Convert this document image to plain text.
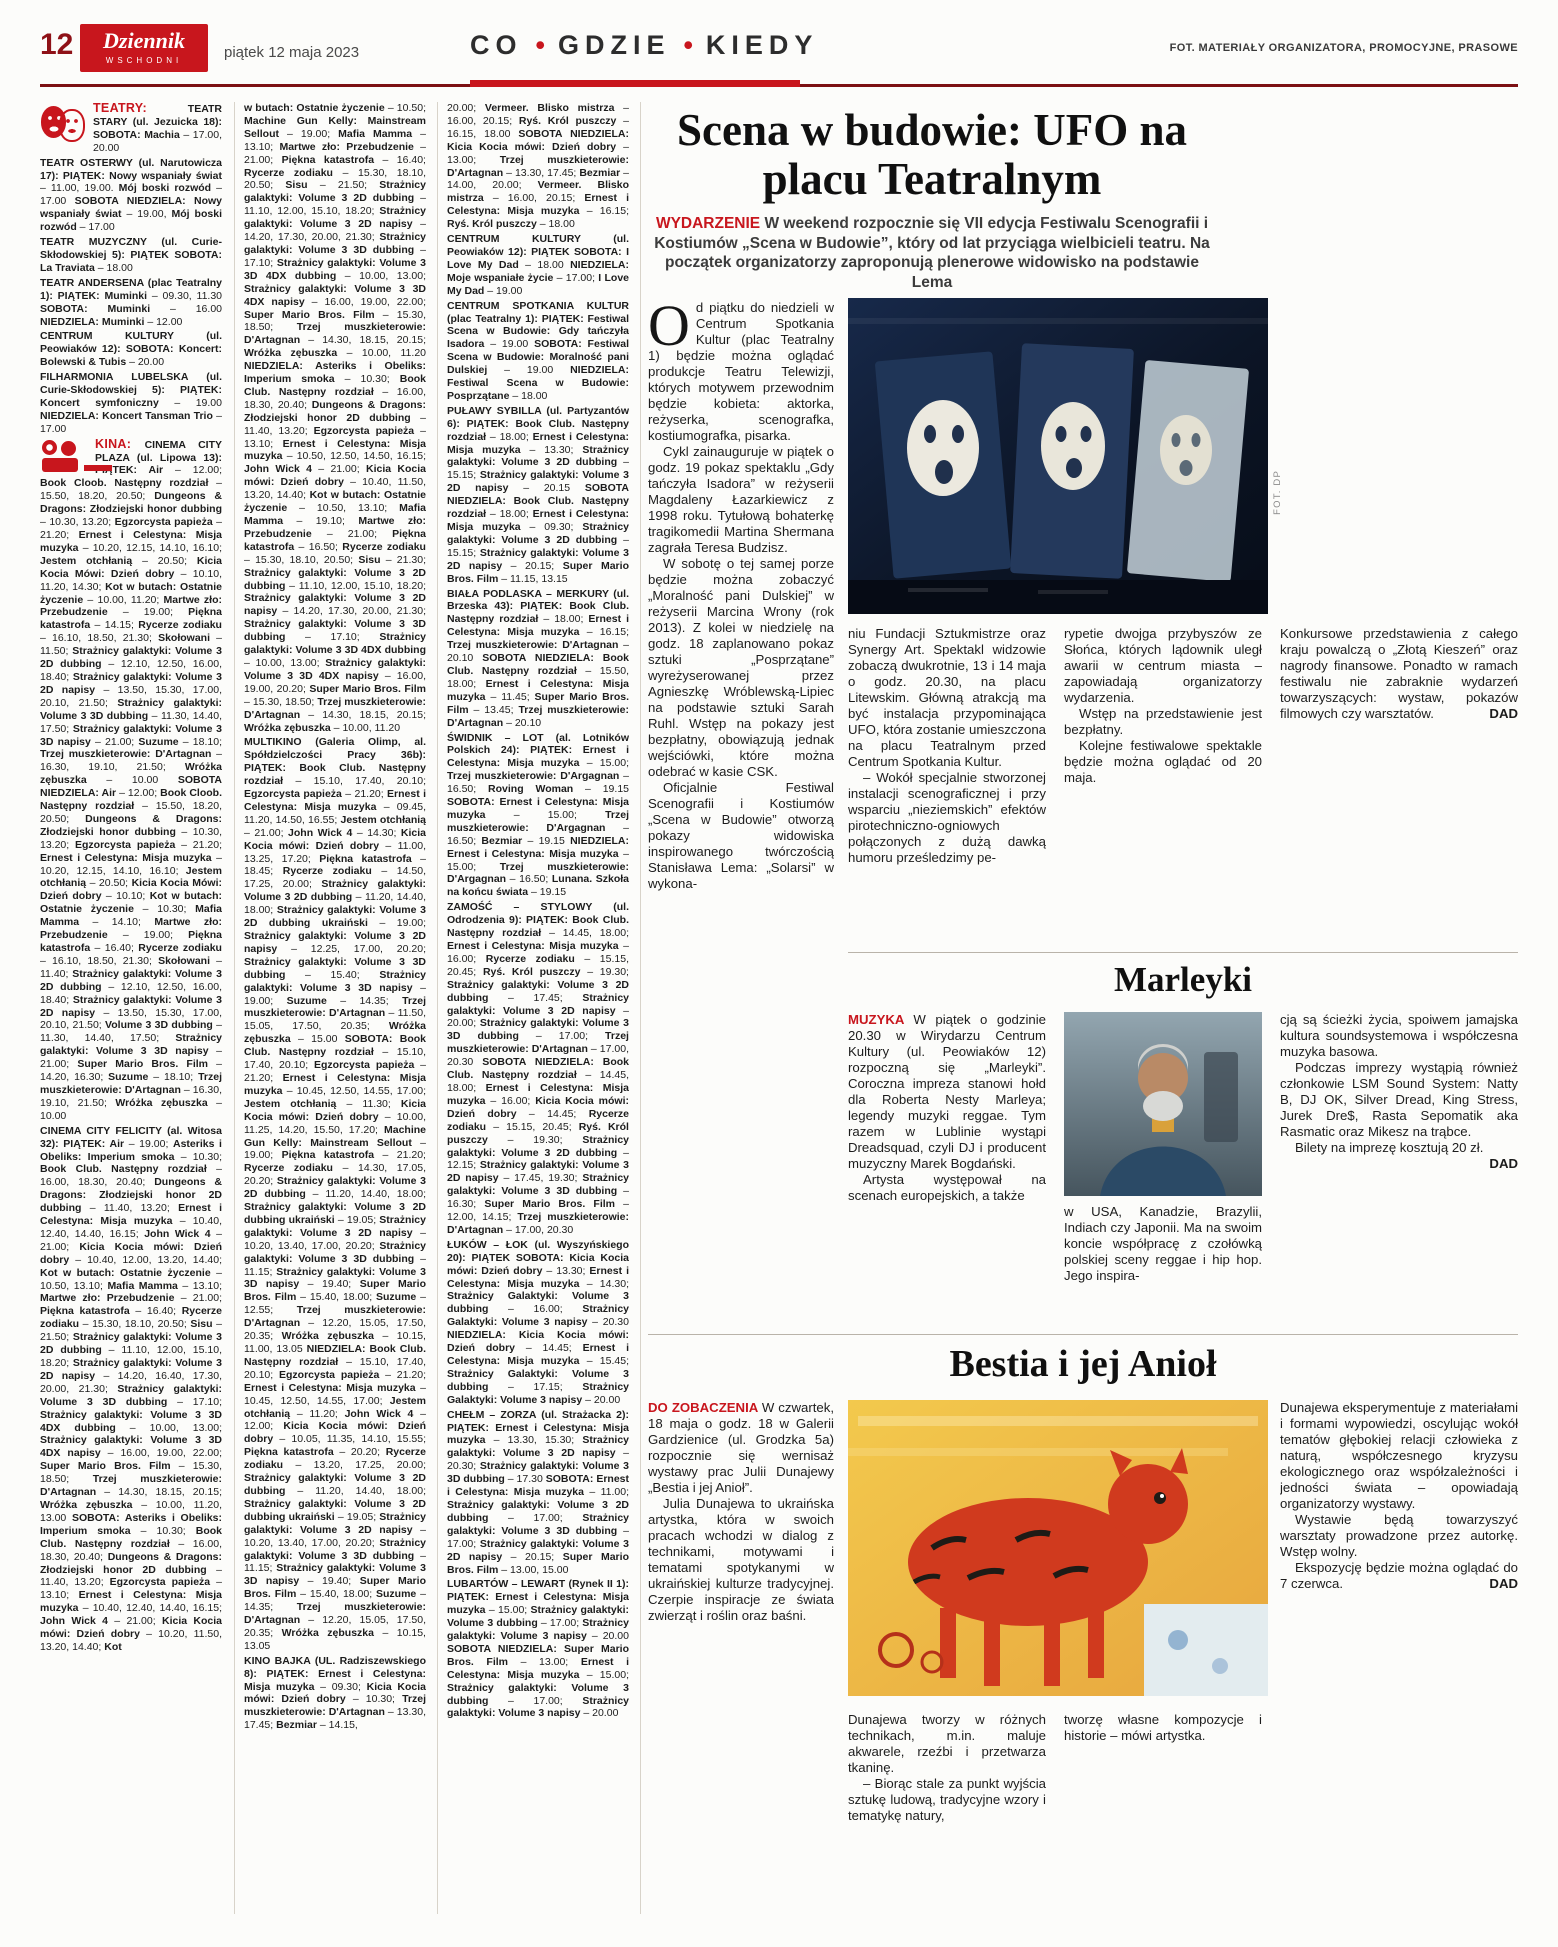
12	Dziennik
WSCHODNI	piątek 12 maja 2023	CO • GDZIE • KIEDY	FOT. MATERIAŁY ORGANIZATORA, PROMOCYJNE, PRASOWE

TEATRY: TEATR STARY (ul. Jezuicka 18): SOBOTA: Machia – 17.00, 20.00

TEATR OSTERWY (ul. Narutowicza 17): PIĄTEK: Nowy wspaniały świat – 11.00, 19.00. Mój boski rozwód – 17.00 SOBOTA NIEDZIELA: Nowy wspaniały świat – 19.00, Mój boski rozwód – 17.00

TEATR MUZYCZNY (ul. Curie-Skłodowskiej 5): PIĄTEK SOBOTA: La Traviata – 18.00

TEATR ANDERSENA (plac Teatralny 1): PIĄTEK: Muminki – 09.30, 11.30 SOBOTA: Muminki – 16.00 NIEDZIELA: Muminki – 12.00

CENTRUM KULTURY (ul. Peowiaków 12): SOBOTA: Koncert: Bolewski & Tubis – 20.00

FILHARMONIA LUBELSKA (ul. Curie-Skłodowskiej 5): PIĄTEK: Koncert symfoniczny – 19.00 NIEDZIELA: Koncert Tansman Trio – 17.00

KINA: CINEMA CITY PLAZA (ul. Lipowa 13): PIĄTEK: Air – 12.00; Book Cloob. Następny rozdział – 15.50, 18.20, 20.50; Dungeons & Dragons: Złodziejski honor dubbing – 10.30, 13.20; Egzorcysta papieża – 21.20; Ernest i Celestyna: Misja muzyka – 10.20, 12.15, 14.10, 16.10; Jestem otchłanią – 20.50; Kicia Kocia Mówi: Dzień dobry – 10.10, 11.20, 14.30; Kot w butach: Ostatnie życzenie – 10.00, 11.20; Martwe zło: Przebudzenie – 19.00; Piękna katastrofa – 14.15; Rycerze zodiaku – 16.10, 18.50, 21.30; Skołowani – 11.50; Strażnicy galaktyki: Volume 3 2D dubbing – 12.10, 12.50, 16.00, 18.40; Strażnicy galaktyki: Volume 3 2D napisy – 13.50, 15.30, 17.00, 20.10, 21.50; Strażnicy galaktyki: Volume 3 3D dubbing – 11.30, 14.40, 17.50; Strażnicy galaktyki: Volume 3 3D napisy – 21.00; Suzume – 18.10; Trzej muszkieterowie: D'Artagnan – 16.30, 19.10, 21.50; Wróżka zębuszka – 10.00 SOBOTA NIEDZIELA: Air – 12.00; Book Cloob. Następny rozdział – 15.50, 18.20, 20.50; Dungeons & Dragons: Złodziejski honor dubbing – 10.30, 13.20; Egzorcysta papieża – 21.20; Ernest i Celestyna: Misja muzyka – 10.20, 12.15, 14.10, 16.10; Jestem otchłanią – 20.50; Kicia Kocia Mówi: Dzień dobry – 10.10; Kot w butach: Ostatnie życzenie – 10.30; Mafia Mamma – 14.10; Martwe zło: Przebudzenie – 19.00; Piękna katastrofa – 16.40; Rycerze zodiaku – 16.10, 18.50, 21.30; Skołowani – 11.40; Strażnicy galaktyki: Volume 3 2D dubbing – 12.10, 12.50, 16.00, 18.40; Strażnicy galaktyki: Volume 3 2D napisy – 13.50, 15.30, 17.00, 20.10, 21.50; Volume 3 3D dubbing – 11.30, 14.40, 17.50; Strażnicy galaktyki: Volume 3 3D napisy – 21.00; Super Mario Bros. Film – 14.20, 16.30; Suzume – 18.10; Trzej muszkieterowie: D'Artagnan – 16.30, 19.10, 21.50; Wróżka zębuszka – 10.00

CINEMA CITY FELICITY (al. Witosa 32): PIĄTEK: Air – 19.00; Asteriks i Obeliks: Imperium smoka – 10.30; Book Club. Następny rozdział – 16.00, 18.30, 20.40; Dungeons & Dragons: Złodziejski honor 2D dubbing – 11.40, 13.20; Ernest i Celestyna: Misja muzyka – 10.40, 12.40, 14.40, 16.15; John Wick 4 – 21.00; Kicia Kocia mówi: Dzień dobry – 10.40, 12.00, 13.20, 14.40; Kot w butach: Ostatnie życzenie – 10.50, 13.10; Mafia Mamma – 13.10; Martwe zło: Przebudzenie – 21.00; Piękna katastrofa – 16.40; Rycerze zodiaku – 15.30, 18.10, 20.50; Sisu – 21.50; Strażnicy galaktyki: Volume 3 2D dubbing – 11.10, 12.00, 15.10, 18.20; Strażnicy galaktyki: Volume 3 2D napisy – 14.20, 16.40, 17.30, 20.00, 21.30; Strażnicy galaktyki: Volume 3 3D dubbing – 17.10; Strażnicy galaktyki: Volume 3 3D 4DX dubbing – 10.00, 13.00; Strażnicy galaktyki: Volume 3 3D 4DX napisy – 16.00, 19.00, 22.00; Super Mario Bros. Film – 15.30, 18.50; Trzej muszkieterowie: D'Artagnan – 14.30, 18.15, 20.15; Wróżka zębuszka – 10.00, 11.20, 13.00 SOBOTA: Asteriks i Obeliks: Imperium smoka – 10.30; Book Club. Następny rozdział – 16.00, 18.30, 20.40; Dungeons & Dragons: Złodziejski honor 2D dubbing – 11.40, 13.20; Egzorcysta papieża – 13.10; Ernest i Celestyna: Misja muzyka – 10.40, 12.40, 14.40, 16.15; John Wick 4 – 21.00; Kicia Kocia mówi: Dzień dobry – 10.20, 11.50, 13.20, 14.40; Kot

w butach: Ostatnie życzenie – 10.50; Machine Gun Kelly: Mainstream Sellout – 19.00; Mafia Mamma – 13.10; Martwe zło: Przebudzenie – 21.00; Piękna katastrofa – 16.40; Rycerze zodiaku – 15.30, 18.10, 20.50; Sisu – 21.50; Strażnicy galaktyki: Volume 3 2D dubbing – 11.10, 12.00, 15.10, 18.20; Strażnicy galaktyki: Volume 3 2D napisy – 14.20, 17.30, 20.00, 21.30; Strażnicy galaktyki: Volume 3 3D dubbing – 17.10; Strażnicy galaktyki: Volume 3 3D 4DX dubbing – 10.00, 13.00; Strażnicy galaktyki: Volume 3 3D 4DX napisy – 16.00, 19.00, 22.00; Super Mario Bros. Film – 15.30, 18.50; Trzej muszkieterowie: D'Artagnan – 14.30, 18.15, 20.15; Wróżka zębuszka – 10.00, 11.20 NIEDZIELA: Asteriks i Obeliks: Imperium smoka – 10.30; Book Club. Następny rozdział – 16.00, 18.30, 20.40; Dungeons & Dragons: Złodziejski honor 2D dubbing – 11.40, 13.20; Egzorcysta papieża – 13.10; Ernest i Celestyna: Misja muzyka – 10.50, 12.50, 14.50, 16.15; John Wick 4 – 21.00; Kicia Kocia mówi: Dzień dobry – 10.40, 11.50, 13.20, 14.40; Kot w butach: Ostatnie życzenie – 10.50, 13.10; Mafia Mamma – 19.10; Martwe zło: Przebudzenie – 21.00; Piękna katastrofa – 16.50; Rycerze zodiaku – 15.30, 18.10, 20.50; Sisu – 21.30; Strażnicy galaktyki: Volume 3 2D dubbing – 11.10, 12.00, 15.10, 18.20; Strażnicy galaktyki: Volume 3 2D napisy – 14.20, 17.30, 20.00, 21.30; Strażnicy galaktyki: Volume 3 3D dubbing – 17.10; Strażnicy galaktyki: Volume 3 3D 4DX dubbing – 10.00, 13.00; Strażnicy galaktyki: Volume 3 3D 4DX napisy – 16.00, 19.00, 20.20; Super Mario Bros. Film – 15.30, 18.50; Trzej muszkieterowie: D'Artagnan – 14.30, 18.15, 20.15; Wróżka zębuszka – 10.00, 11.20

MULTIKINO (Galeria Olimp, al. Spółdzielczości Pracy 36b): PIĄTEK: Book Club. Następny rozdział – 15.10, 17.40, 20.10; Egzorcysta papieża – 21.20; Ernest i Celestyna: Misja muzyka – 09.45, 11.20, 14.50, 16.55; Jestem otchłanią – 21.00; John Wick 4 – 14.30; Kicia Kocia mówi: Dzień dobry – 11.00, 13.25, 17.20; Piękna katastrofa – 18.45; Rycerze zodiaku – 14.50, 17.25, 20.00; Strażnicy galaktyki: Volume 3 2D dubbing – 11.20, 14.40, 18.00; Strażnicy galaktyki: Volume 3 2D dubbing ukraiński – 19.00; Strażnicy galaktyki: Volume 3 2D napisy – 12.25, 17.00, 20.20; Strażnicy galaktyki: Volume 3 3D dubbing – 15.40; Strażnicy galaktyki: Volume 3 3D napisy – 19.00; Suzume – 14.35; Trzej muszkieterowie: D'Artagnan – 11.50, 15.05, 17.50, 20.35; Wróżka zębuszka – 15.00 SOBOTA: Book Club. Następny rozdział – 15.10, 17.40, 20.10; Egzorcysta papieża – 21.20; Ernest i Celestyna: Misja muzyka – 10.45, 12.50, 14.55, 17.00; Jestem otchłanią – 11.30; Kicia Kocia mówi: Dzień dobry – 10.00, 11.25, 14.20, 15.50, 17.20; Machine Gun Kelly: Mainstream Sellout – 19.00; Piękna katastrofa – 21.20; Rycerze zodiaku – 14.30, 17.05, 20.20; Strażnicy galaktyki: Volume 3 2D dubbing – 11.20, 14.40, 18.00; Strażnicy galaktyki: Volume 3 2D dubbing ukraiński – 19.05; Strażnicy galaktyki: Volume 3 2D napisy – 10.20, 13.40, 17.00, 20.20; Strażnicy galaktyki: Volume 3 3D dubbing – 11.15; Strażnicy galaktyki: Volume 3 3D napisy – 19.40; Super Mario Bros. Film – 15.40, 18.00; Suzume – 12.55; Trzej muszkieterowie: D'Artagnan – 12.20, 15.05, 17.50, 20.35; Wróżka zębuszka – 10.15, 11.00, 13.05 NIEDZIELA: Book Club. Następny rozdział – 15.10, 17.40, 20.10; Egzorcysta papieża – 21.20; Ernest i Celestyna: Misja muzyka – 10.45, 12.50, 14.55, 17.00; Jestem otchłanią – 11.20; John Wick 4 – 12.00; Kicia Kocia mówi: Dzień dobry – 10.05, 11.35, 14.10, 15.55; Piękna katastrofa – 20.20; Rycerze zodiaku – 13.20, 17.25, 20.00; Strażnicy galaktyki: Volume 3 2D dubbing – 11.20, 14.40, 18.00; Strażnicy galaktyki: Volume 3 2D dubbing ukraiński – 19.05; Strażnicy galaktyki: Volume 3 2D napisy – 10.20, 13.40, 17.00, 20.20; Strażnicy galaktyki: Volume 3 3D dubbing – 11.15; Strażnicy galaktyki: Volume 3 3D napisy – 19.40; Super Mario Bros. Film – 15.40, 18.00; Suzume – 14.35; Trzej muszkieterowie: D'Artagnan – 12.20, 15.05, 17.50, 20.35; Wróżka zębuszka – 10.15, 13.05

KINO BAJKA (UL. Radziszewskiego 8): PIĄTEK: Ernest i Celestyna: Misja muzyka – 09.30; Kicia Kocia mówi: Dzień dobry – 10.30; Trzej muszkieterowie: D'Artagnan – 13.30, 17.45; Bezmiar – 14.15,

20.00; Vermeer. Blisko mistrza – 16.00, 20.15; Ryś. Król puszczy – 16.15, 18.00 SOBOTA NIEDZIELA: Kicia Kocia mówi: Dzień dobry – 13.00; Trzej muszkieterowie: D'Artagnan – 13.30, 17.45; Bezmiar – 14.00, 20.00; Vermeer. Blisko mistrza – 16.00, 20.15; Ernest i Celestyna: Misja muzyka – 16.15; Ryś. Król puszczy – 18.00

CENTRUM KULTURY (ul. Peowiaków 12): PIĄTEK SOBOTA: I Love My Dad – 18.00 NIEDZIELA: Moje wspaniałe życie – 17.00; I Love My Dad – 19.00

CENTRUM SPOTKANIA KULTUR (plac Teatralny 1): PIĄTEK: Festiwal Scena w Budowie: Gdy tańczyła Isadora – 19.00 SOBOTA: Festiwal Scena w Budowie: Moralność pani Dulskiej – 19.00 NIEDZIELA: Festiwal Scena w Budowie: Posprzątane – 18.00

PUŁAWY SYBILLA (ul. Partyzantów 6): PIĄTEK: Book Club. Następny rozdział – 18.00; Ernest i Celestyna: Misja muzyka – 13.30; Strażnicy galaktyki: Volume 3 2D dubbing – 15.15; Strażnicy galaktyki: Volume 3 2D napisy – 20.15 SOBOTA NIEDZIELA: Book Club. Następny rozdział – 18.00; Ernest i Celestyna: Misja muzyka – 09.30; Strażnicy galaktyki: Volume 3 2D dubbing – 15.15; Strażnicy galaktyki: Volume 3 2D napisy – 20.15; Super Mario Bros. Film – 11.15, 13.15

BIAŁA PODLASKA – MERKURY (ul. Brzeska 43): PIĄTEK: Book Club. Następny rozdział – 18.00; Ernest i Celestyna: Misja muzyka – 16.15; Trzej muszkieterowie: D'Artagnan – 20.10 SOBOTA NIEDZIELA: Book Club. Następny rozdział – 15.50, 18.00; Ernest i Celestyna: Misja muzyka – 11.45; Super Mario Bros. Film – 13.45; Trzej muszkieterowie: D'Artagnan – 20.10

ŚWIDNIK – LOT (al. Lotników Polskich 24): PIĄTEK: Ernest i Celestyna: Misja muzyka – 15.00; Trzej muszkieterowie: D'Argagnan – 16.50; Roving Woman – 19.15 SOBOTA: Ernest i Celestyna: Misja muzyka – 15.00; Trzej muszkieterowie: D'Argagnan – 16.50; Bezmiar – 19.15 NIEDZIELA: Ernest i Celestyna: Misja muzyka – 15.00; Trzej muszkieterowie: D'Argagnan – 16.50; Lunana. Szkoła na końcu świata – 19.15

ZAMOŚĆ – STYLOWY (ul. Odrodzenia 9): PIĄTEK: Book Club. Następny rozdział – 14.45, 18.00; Ernest i Celestyna: Misja muzyka – 16.00; Rycerze zodiaku – 15.15, 20.45; Ryś. Król puszczy – 19.30; Strażnicy galaktyki: Volume 3 2D dubbing – 17.45; Strażnicy galaktyki: Volume 3 2D napisy – 20.00; Strażnicy galaktyki: Volume 3 3D dubbing – 17.00; Trzej muszkieterowie: D'Artagnan – 17.00, 20.30 SOBOTA NIEDZIELA: Book Club. Następny rozdział – 14.45, 18.00; Ernest i Celestyna: Misja muzyka – 16.00; Kicia Kocia mówi: Dzień dobry – 14.45; Rycerze zodiaku – 15.15, 20.45; Ryś. Król puszczy – 19.30; Strażnicy galaktyki: Volume 3 2D dubbing – 12.15; Strażnicy galaktyki: Volume 3 2D napisy – 17.45, 19.30; Strażnicy galaktyki: Volume 3 3D dubbing – 16.30; Super Mario Bros. Film – 12.00, 14.15; Trzej muszkieterowie: D'Artagnan – 17.00, 20.30

ŁUKÓW – ŁOK (ul. Wyszyńskiego 20): PIĄTEK SOBOTA: Kicia Kocia mówi: Dzień dobry – 13.30; Ernest i Celestyna: Misja muzyka – 14.30; Strażnicy Galaktyki: Volume 3 dubbing – 16.00; Strażnicy Galaktyki: Volume 3 napisy – 20.30 NIEDZIELA: Kicia Kocia mówi: Dzień dobry – 14.45; Ernest i Celestyna: Misja muzyka – 15.45; Strażnicy Galaktyki: Volume 3 dubbing – 17.15; Strażnicy Galaktyki: Volume 3 napisy – 20.00

CHEŁM – ZORZA (ul. Strażacka 2): PIĄTEK: Ernest i Celestyna: Misja muzyka – 13.30, 15.30; Strażnicy galaktyki: Volume 3 2D napisy – 20.30; Strażnicy galaktyki: Volume 3 3D dubbing – 17.30 SOBOTA: Ernest i Celestyna: Misja muzyka – 11.00; Strażnicy galaktyki: Volume 3 2D dubbing – 17.00; Strażnicy galaktyki: Volume 3 3D dubbing – 17.00; Strażnicy galaktyki: Volume 3 2D napisy – 20.15; Super Mario Bros. Film – 13.00, 15.00

LUBARTÓW – LEWART (Rynek II 1): PIĄTEK: Ernest i Celestyna: Misja muzyka – 15.00; Strażnicy galaktyki: Volume 3 dubbing – 17.00; Strażnicy galaktyki: Volume 3 napisy – 20.00 SOBOTA NIEDZIELA: Super Mario Bros. Film – 13.00; Ernest i Celestyna: Misja muzyka – 15.00; Strażnicy galaktyki: Volume 3 dubbing – 17.00; Strażnicy galaktyki: Volume 3 napisy – 20.00

Scena w budowie: UFO na placu Teatralnym

WYDARZENIE W weekend rozpocznie się VII edycja Festiwalu Scenografii i Kostiumów „Scena w Budowie”, który od lat przyciąga wielbicieli teatru. Na początek organizatorzy zaproponują plenerowe widowisko na podstawie Lema

Od piątku do niedzieli w Centrum Spotkania Kultur (plac Teatralny 1) będzie można oglądać produkcje Teatru Telewizji, których motywem przewodnim będzie kobieta: aktorka, reżyserka, scenografka, kostiumografka, pisarka.

Cykl zainauguruje w piątek o godz. 19 pokaz spektaklu „Gdy tańczyła Isadora” w reżyserii Magdaleny Łazarkiewicz z 1998 roku. Tytułową bohaterkę tragikomedii Martina Shermana zagrała Teresa Budzisz.

W sobotę o tej samej porze będzie można zobaczyć „Moralność pani Dulskiej” w reżyserii Marcina Wrony (rok 2013). Z kolei w niedzielę na godz. 18 zaplanowano pokaz sztuki „Posprzątane” wyreżyserowanej przez Agnieszkę Wróblewską-Lipiec na podstawie sztuki Sarah Ruhl. Wstęp na pokazy jest bezpłatny, obowiązują jednak wejściówki, które można odebrać w kasie CSK.

Oficjalnie Festiwal Scenografii i Kostiumów „Scena w Budowie” otworzą pokazy widowiska inspirowanego twórczością Stanisława Lema: „Solarsi” w wykona-

FOT. DP

niu Fundacji Sztukmistrze oraz Synergy Art. Spektakl widzowie zobaczą dwukrotnie, 13 i 14 maja o godz. 20.30, na placu Litewskim. Główną atrakcją ma być instalacja przypominająca UFO, która zostanie umieszczona na placu Teatralnym przed Centrum Spotkania Kultur.

– Wokół specjalnie stworzonej instalacji scenograficznej i przy wsparciu „nieziemskich” efektów pirotechniczno-ogniowych połączonych z dużą dawką humoru prześledzimy pe-

rypetie dwojga przybyszów ze Słońca, których lądownik uległ awarii w centrum miasta – zapowiadają organizatorzy wydarzenia.

Wstęp na przedstawienie jest bezpłatny.

Kolejne festiwalowe spektakle będzie można oglądać od 20 maja.

Konkursowe przedstawienia z całego kraju powalczą o „Złotą Kieszeń” oraz nagrody finansowe. Ponadto w ramach festiwalu nie zabraknie wydarzeń towarzyszących: wystaw, pokazów filmowych czy warsztatów.	DAD

Marleyki

MUZYKA W piątek o godzinie 20.30 w Wirydarzu Centrum Kultury (ul. Peowiaków 12) rozpoczną się „Marleyki”. Coroczna impreza stanowi hołd dla Roberta Nesty Marleya; legendy muzyki reggae. Tym razem w Lublinie wystąpi Dreadsquad, czyli DJ i producent muzyczny Marek Bogdański.

Artysta występował na scenach europejskich, a także

w USA, Kanadzie, Brazylii, Indiach czy Japonii. Ma na swoim koncie współpracę z czołówką polskiej sceny reggae i hip hop. Jego inspira-

cją są ścieżki życia, spoiwem jamajska kultura soundsystemowa i współczesna muzyka basowa.

Podczas imprezy wystąpią również członkowie LSM Sound System: Natty B, DJ OK, Silver Dread, King Stress, Jurek Dre$, Rasta Sepomatik aka Rasmatic oraz Mikesz na trąbce.

Bilety na imprezę kosztują 20 zł.
DAD

Bestia i jej Anioł

DO ZOBACZENIA W czwartek, 18 maja o godz. 18 w Galerii Gardzienice (ul. Grodzka 5a) rozpocznie się wernisaż wystawy prac Julii Dunajewy „Bestia i jej Anioł”.

Julia Dunajewa to ukraińska artystka, która w swoich pracach wchodzi w dialog z technikami, motywami i tematami spotykanymi w ukraińskiej kulturze tradycyjnej. Czerpie inspiracje ze świata zwierząt i roślin oraz baśni.

Dunajewa tworzy w różnych technikach, m.in. maluje akwarele, rzeźbi i przetwarza tkaninę.

– Biorąc stale za punkt wyjścia sztukę ludową, tradycyjne wzory i tematykę natury,

tworzę własne kompozycje i historie – mówi artystka.

Dunajewa eksperymentuje z materiałami i formami wypowiedzi, oscylując wokół tematów głębokiej relacji człowieka z naturą, współczesnego kryzysu ekologicznego oraz współzależności i jedności świata – opowiadają organizatorzy wystawy.

Wystawie będą towarzyszyć warsztaty prowadzone przez autorkę. Wstęp wolny.

Ekspozycję będzie można oglądać do 7 czerwca.	DAD
